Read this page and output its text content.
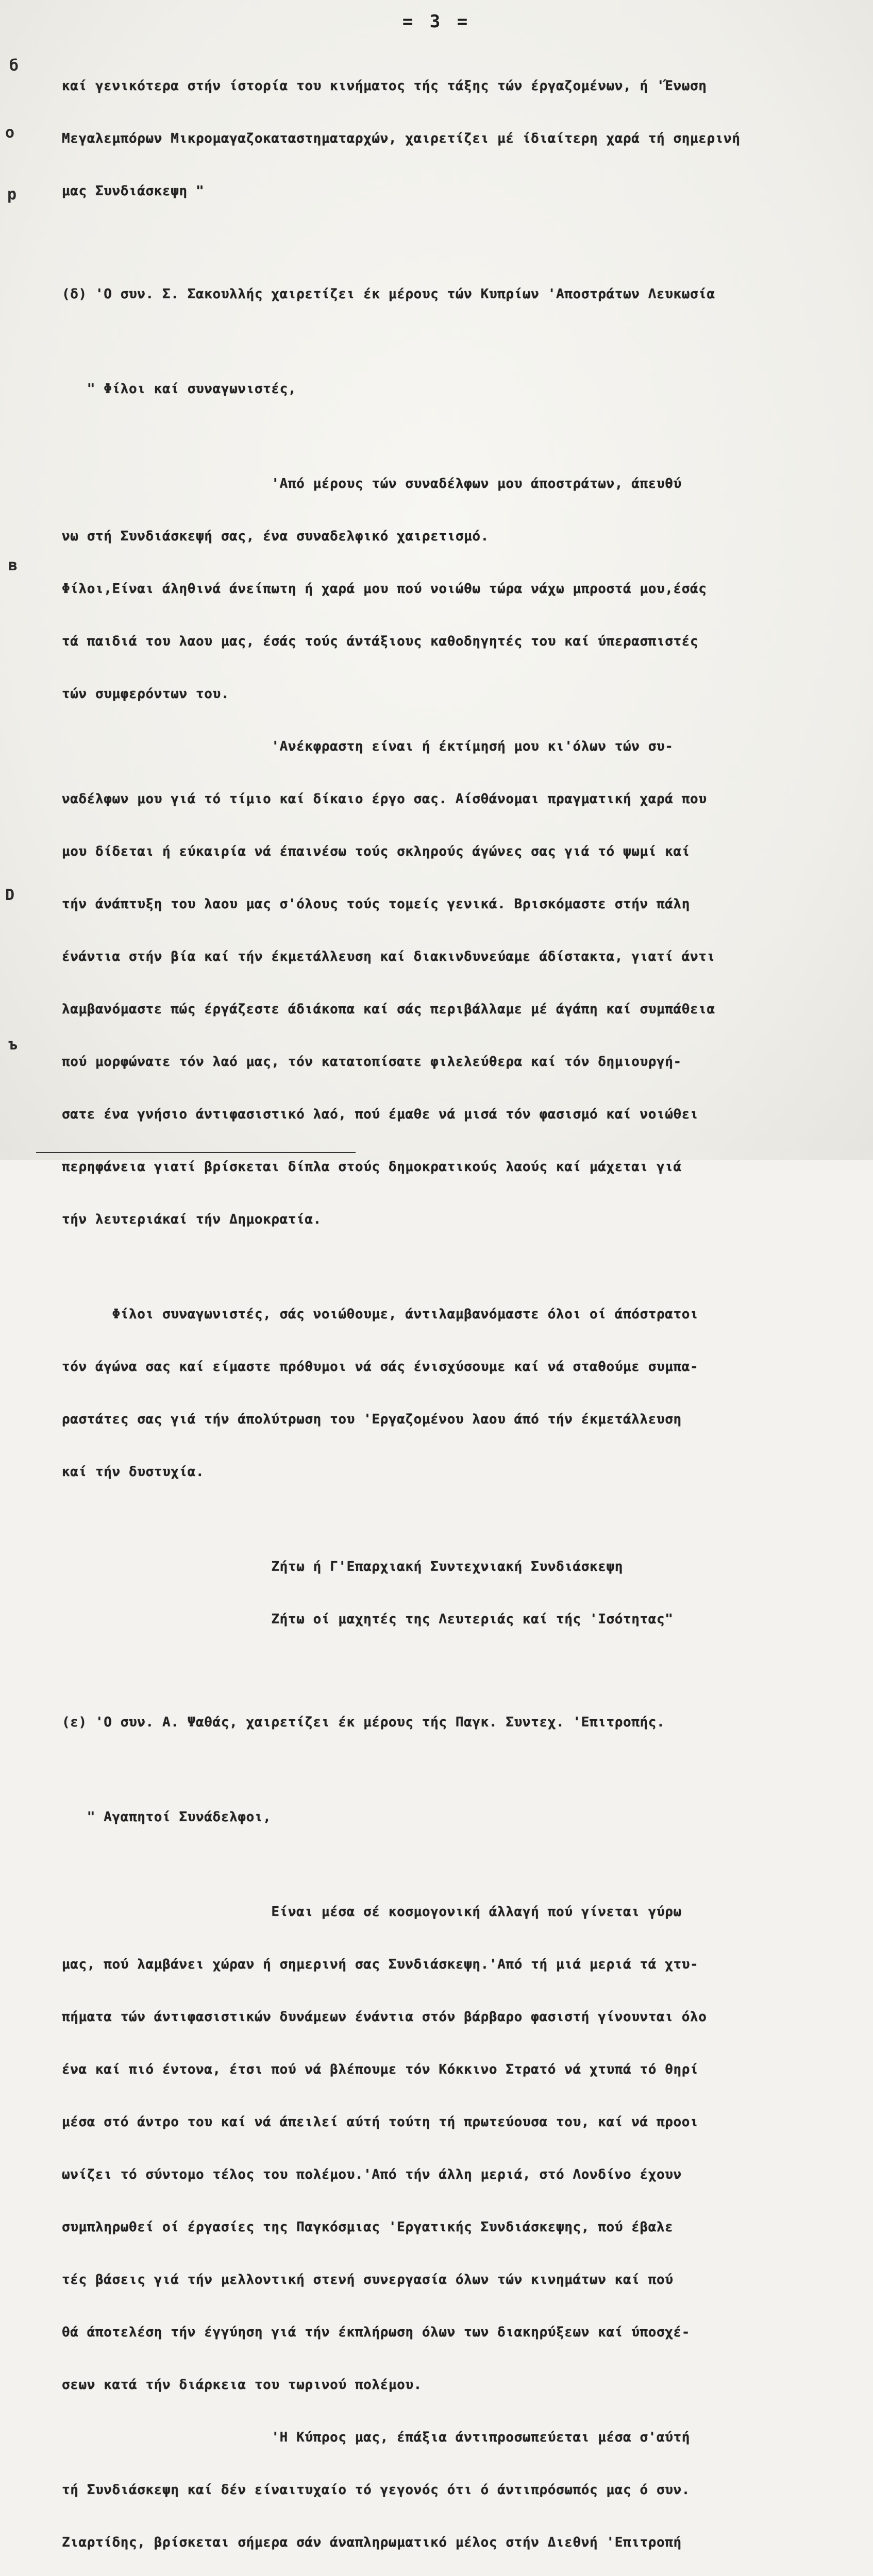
= 3 =
б
о
р
в
D
ъ

καί γενικότερα στήν ίστορία του κινήματος τής τάξης τών έργαζομένων, ή 'Ένωση

Μεγαλεμπόρων Μικρομαγαζοκαταστηματαρχών, χαιρετίζει μέ ίδιαίτερη χαρά τή σημερινή

μας Συνδιάσκεψη "

(δ) 'Ο συν. Σ. Σακουλλής χαιρετίζει έκ μέρους τών Κυπρίων 'Αποστράτων Λευκωσία

" Φίλοι καί συναγωνιστές,

'Από μέρους τών συναδέλφων μου άποστράτων, άπευθύ

νω στή Συνδιάσκεψή σας, ένα συναδελφικό χαιρετισμό.

Φίλοι,Είναι άληθινά άνείπωτη ή χαρά μου πού νοιώθω τώρα νάχω μπροστά μου,έσάς

τά παιδιά του λαου μας, έσάς τούς άντάξιους καθοδηγητές του καί ύπερασπιστές

τών συμφερόντων του.

'Ανέκφραστη είναι ή έκτίμησή μου κι'όλων τών συ-

ναδέλφων μου γιά τό τίμιο καί δίκαιο έργο σας. Αίσθάνομαι πραγματική χαρά που

μου δίδεται ή εύκαιρία νά έπαινέσω τούς σκληρούς άγώνες σας γιά τό ψωμί καί

τήν άνάπτυξη του λαου μας σ'όλους τούς τομείς γενικά. Βρισκόμαστε στήν πάλη

ένάντια στήν βία καί τήν έκμετάλλευση καί διακινδυνεύαμε άδίστακτα, γιατί άντι

λαμβανόμαστε πώς έργάζεστε άδιάκοπα καί σάς περιβάλλαμε μέ άγάπη καί συμπάθεια

πού μορφώνατε τόν λαό μας, τόν κατατοπίσατε φιλελεύθερα καί τόν δημιουργή-

σατε ένα γνήσιο άντιφασιστικό λαό, πού έμαθε νά μισά τόν φασισμό καί νοιώθει

περηφάνεια γιατί βρίσκεται δίπλα στούς δημοκρατικούς λαούς καί μάχεται γιά

τήν λευτεριάκαί τήν Δημοκρατία.

Φίλοι συναγωνιστές, σάς νοιώθουμε, άντιλαμβανόμαστε όλοι οί άπόστρατοι

τόν άγώνα σας καί είμαστε πρόθυμοι νά σάς ένισχύσουμε καί νά σταθούμε συμπα-

ραστάτες σας γιά τήν άπολύτρωση του 'Εργαζομένου λαου άπό τήν έκμετάλλευση

καί τήν δυστυχία.

Ζήτω ή Γ'Επαρχιακή Συντεχνιακή Συνδιάσκεψη

Ζήτω οί μαχητές της Λευτεριάς καί τής 'Ισότητας"

(ε) 'Ο συν. Α. Ψαθάς, χαιρετίζει έκ μέρους τής Παγκ. Συντεχ. 'Επιτροπής.

" Αγαπητοί Συνάδελφοι,

Είναι μέσα σέ κοσμογονική άλλαγή πού γίνεται γύρω

μας, πού λαμβάνει χώραν ή σημερινή σας Συνδιάσκεψη.'Από τή μιά μεριά τά χτυ-

πήματα τών άντιφασιστικών δυνάμεων ένάντια στόν βάρβαρο φασιστή γίνουνται όλο

ένα καί πιό έντονα, έτσι πού νά βλέπουμε τόν Κόκκινο Στρατό νά χτυπά τό θηρί

μέσα στό άντρο του καί νά άπειλεί αύτή τούτη τή πρωτεύουσα του, καί νά προοι

ωνίζει τό σύντομο τέλος του πολέμου.'Από τήν άλλη μεριά, στό Λονδίνο έχουν

συμπληρωθεί οί έργασίες της Παγκόσμιας 'Εργατικής Συνδιάσκεψης, πού έβαλε

τές βάσεις γιά τήν μελλοντική στενή συνεργασία όλων τών κινημάτων καί πού

θά άποτελέση τήν έγγύηση γιά τήν έκπλήρωση όλων των διακηρύξεων καί ύποσχέ-

σεων κατά τήν διάρκεια του τωρινού πολέμου.

'Η Κύπρος μας, έπάξια άντιπροσωπεύεται μέσα σ'αύτή

τή Συνδιάσκεψη καί δέν είναιτυχαίο τό γεγονός ότι ό άντιπρόσωπός μας ό συν.

Ζιαρτίδης, βρίσκεται σήμερα σάν άναπληρωματικό μέλος στήν Διεθνή 'Επιτροπή
